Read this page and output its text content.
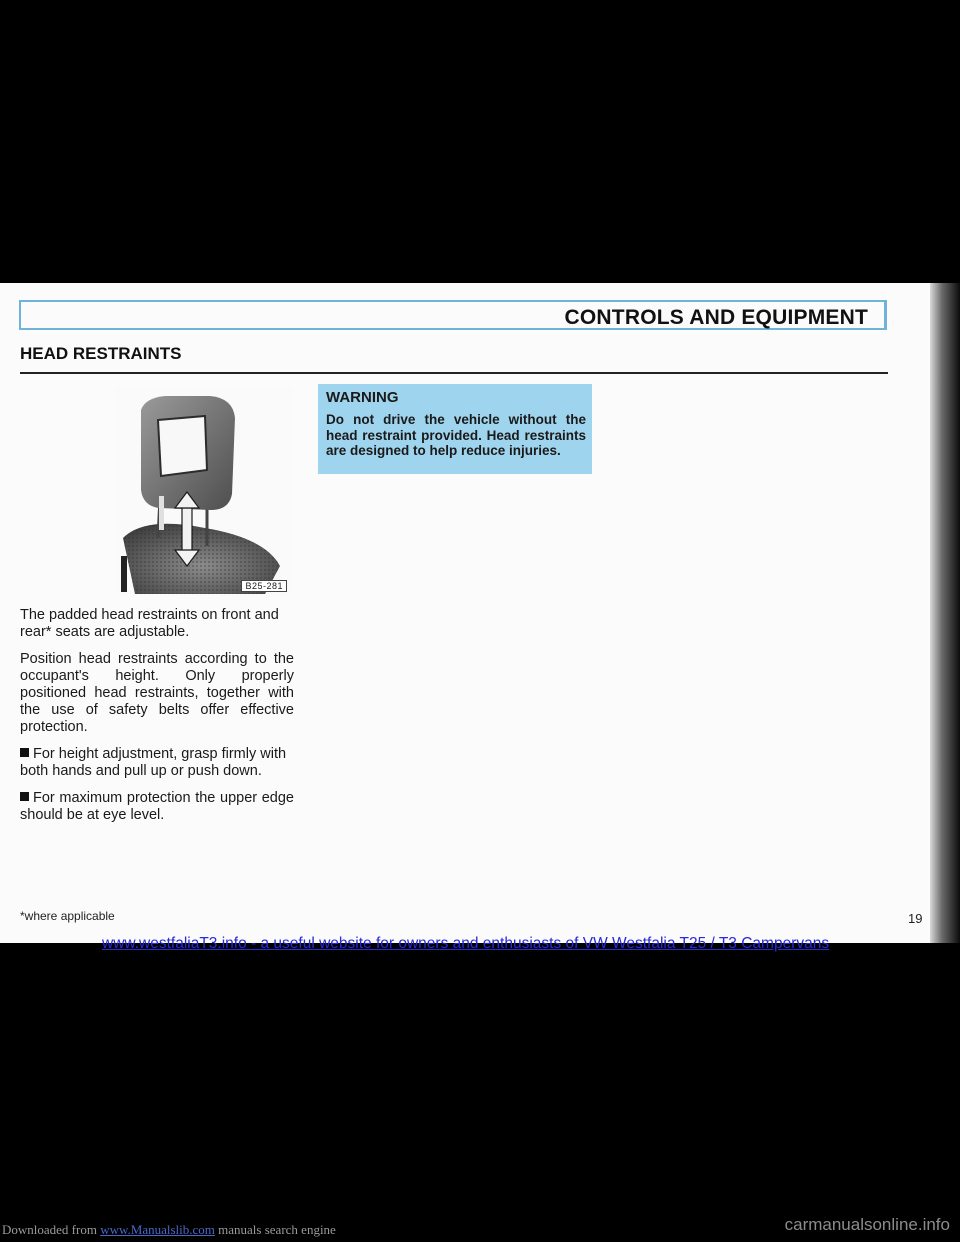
CONTROLS AND EQUIPMENT
HEAD RESTRAINTS
B25-281

The padded head restraints on front and rear* seats are adjustable.

Position head restraints according to the occupant's height. Only properly positioned head restraints, together with the use of safety belts offer effective protection.

For height adjustment, grasp firmly with both hands and pull up or push down.

For maximum protection the upper edge should be at eye level.

WARNING

Do not drive the vehicle without the head restraint provided. Head restraints are designed to help reduce injuries.

*where applicable	19
www.westfaliaT3.info - a useful website for owners and enthusiasts of VW Westfalia T25 / T3 Campervans
Downloaded from www.Manualslib.com manuals search engine	carmanualsonline.info
